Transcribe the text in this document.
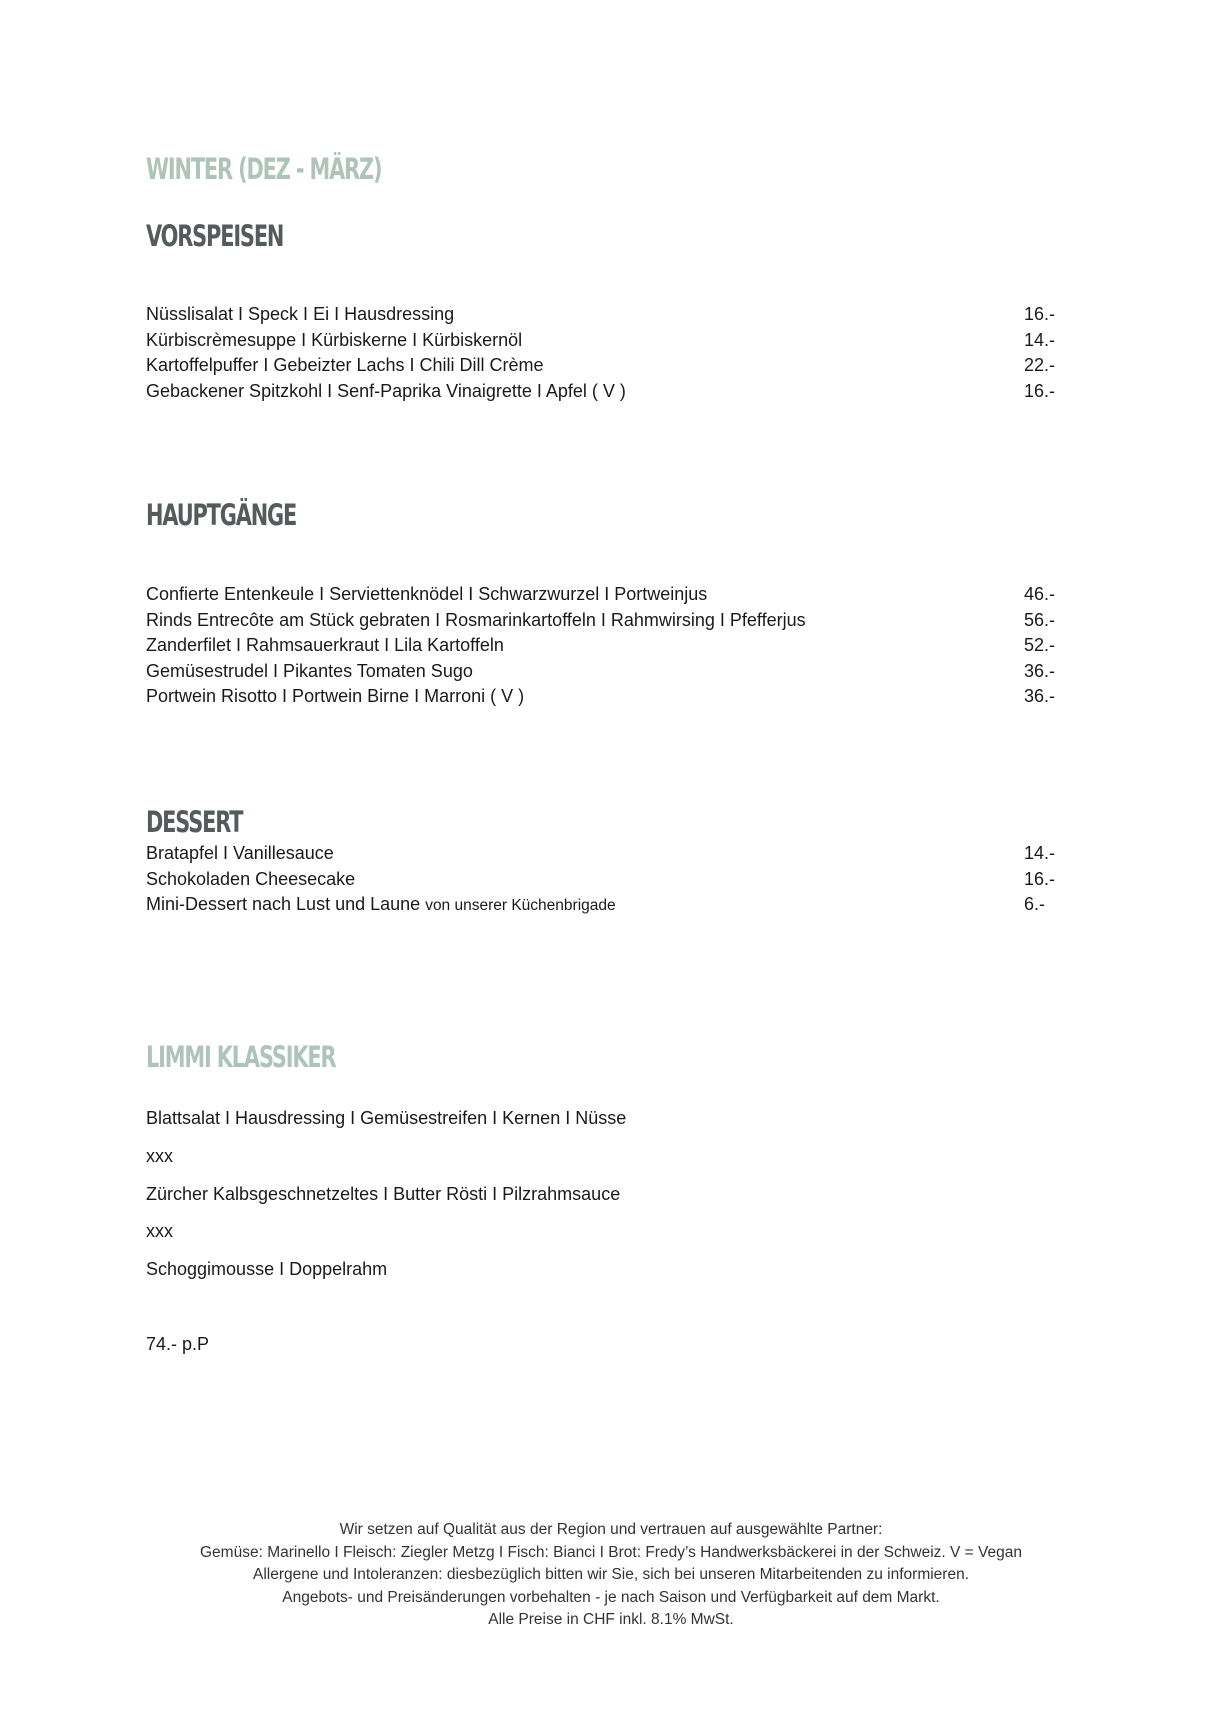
WINTER (DEZ - MÄRZ)
VORSPEISEN
Nüsslisalat I Speck I Ei I Hausdressing	16.-
Kürbiscrèmesuppe I Kürbiskerne I Kürbiskernöl	14.-
Kartoffelpuffer I Gebeizter Lachs I Chili Dill Crème	22.-
Gebackener Spitzkohl I Senf-Paprika Vinaigrette I Apfel ( V )	16.-
HAUPTGÄNGE
Confierte Entenkeule I Serviettenknödel I Schwarzwurzel I Portweinjus	46.-
Rinds Entrecôte am Stück gebraten I Rosmarinkartoffeln I Rahmwirsing I Pfefferjus	56.-
Zanderfilet I Rahmsauerkraut I Lila Kartoffeln	52.-
Gemüsestrudel I Pikantes Tomaten Sugo	36.-
Portwein Risotto I Portwein Birne I Marroni ( V )	36.-
DESSERT
Bratapfel I Vanillesauce	14.-
Schokoladen Cheesecake	16.-
Mini-Dessert nach Lust und Laune von unserer Küchenbrigade	6.-
LIMMI KLASSIKER
Blattsalat I Hausdressing I Gemüsestreifen I Kernen I Nüsse
xxx
Zürcher Kalbsgeschnetzeltes I Butter Rösti I Pilzrahmsauce
xxx
Schoggimousse I Doppelrahm
74.- p.P
Wir setzen auf Qualität aus der Region und vertrauen auf ausgewählte Partner:
Gemüse: Marinello I Fleisch: Ziegler Metzg I Fisch: Bianci I Brot: Fredy’s Handwerksbäckerei in der Schweiz. V = Vegan
Allergene und Intoleranzen: diesbezüglich bitten wir Sie, sich bei unseren Mitarbeitenden zu informieren.
Angebots- und Preisänderungen vorbehalten - je nach Saison und Verfügbarkeit auf dem Markt.
Alle Preise in CHF inkl. 8.1% MwSt.
